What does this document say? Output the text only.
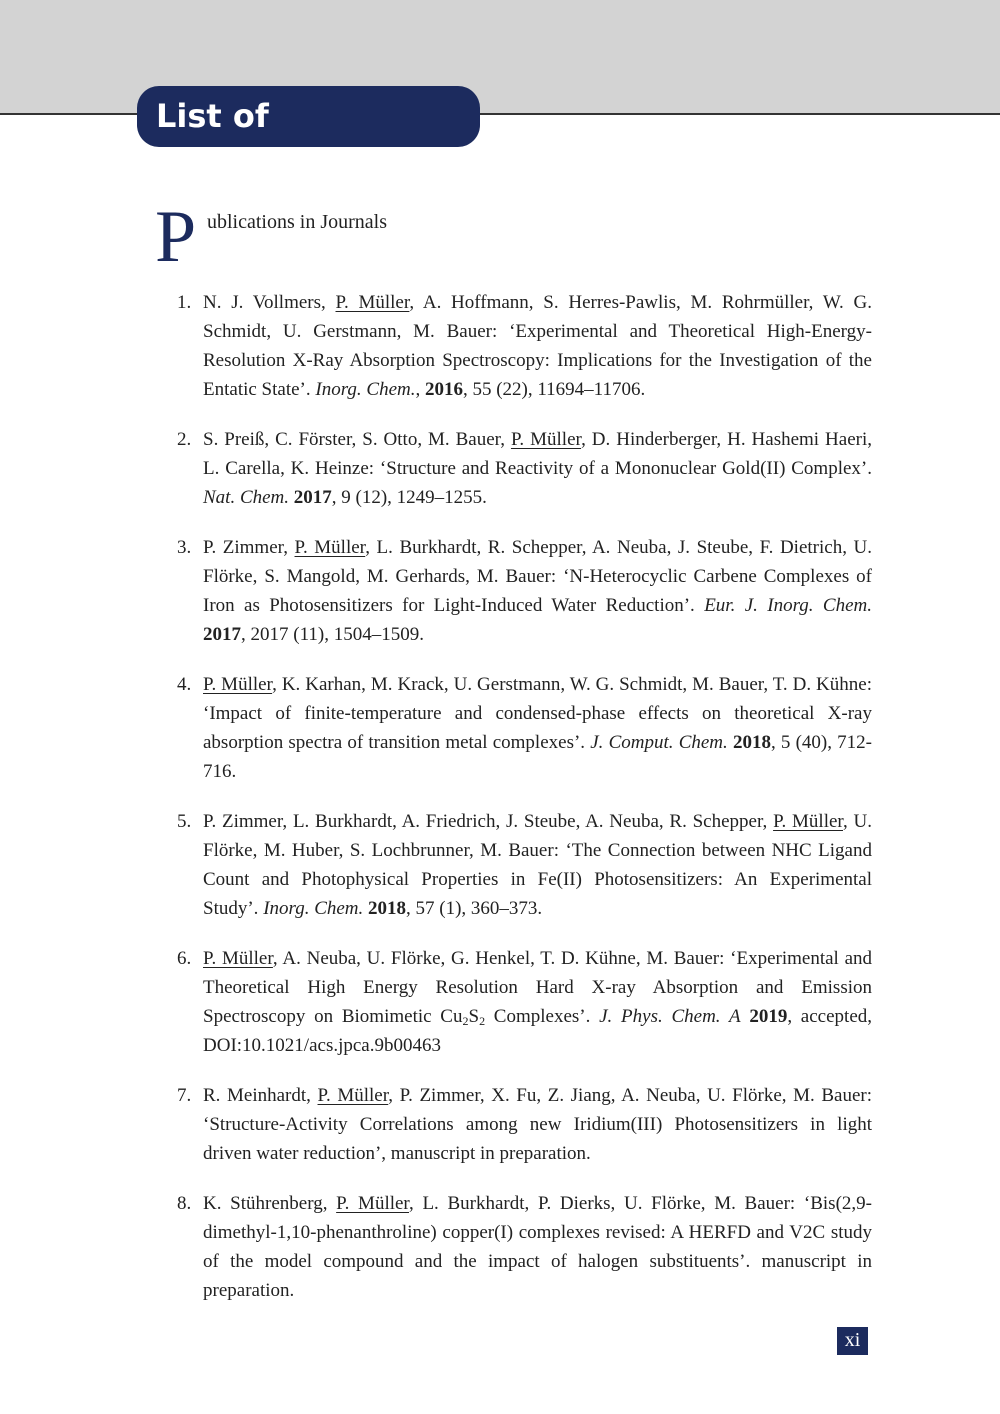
List of Publications
P ublications in Journals
1. N. J. Vollmers, P. Müller, A. Hoffmann, S. Herres-Pawlis, M. Rohrmüller, W. G. Schmidt, U. Gerstmann, M. Bauer: ‘Experimental and Theoretical High-Energy-Resolution X-Ray Absorption Spectroscopy: Implications for the Investigation of the Entatic State’. Inorg. Chem., 2016, 55 (22), 11694–11706.
2. S. Preiß, C. Förster, S. Otto, M. Bauer, P. Müller, D. Hinderberger, H. Hashemi Haeri, L. Carella, K. Heinze: ‘Structure and Reactivity of a Mononuclear Gold(II) Complex’. Nat. Chem. 2017, 9 (12), 1249–1255.
3. P. Zimmer, P. Müller, L. Burkhardt, R. Schepper, A. Neuba, J. Steube, F. Dietrich, U. Flörke, S. Mangold, M. Gerhards, M. Bauer: ‘N-Heterocyclic Carbene Complexes of Iron as Photosensitizers for Light-Induced Water Reduction’. Eur. J. Inorg. Chem. 2017, 2017 (11), 1504–1509.
4. P. Müller, K. Karhan, M. Krack, U. Gerstmann, W. G. Schmidt, M. Bauer, T. D. Kühne: ‘Impact of finite-temperature and condensed-phase effects on theoretical X-ray absorption spectra of transition metal complexes’. J. Comput. Chem. 2018, 5 (40), 712-716.
5. P. Zimmer, L. Burkhardt, A. Friedrich, J. Steube, A. Neuba, R. Schepper, P. Müller, U. Flörke, M. Huber, S. Lochbrunner, M. Bauer: ‘The Connection between NHC Ligand Count and Photophysical Properties in Fe(II) Photosensitizers: An Experimental Study’. Inorg. Chem. 2018, 57 (1), 360–373.
6. P. Müller, A. Neuba, U. Flörke, G. Henkel, T. D. Kühne, M. Bauer: ‘Experimental and Theoretical High Energy Resolution Hard X-ray Absorption and Emission Spectroscopy on Biomimetic $Cu_2S_2$ Complexes’. J. Phys. Chem. A 2019, accepted, DOI:10.1021/acs.jpca.9b00463
7. R. Meinhardt, P. Müller, P. Zimmer, X. Fu, Z. Jiang, A. Neuba, U. Flörke, M. Bauer: ‘Structure-Activity Correlations among new Iridium(III) Photosensitizers in light driven water reduction’, manuscript in preparation.
8. K. Stührenberg, P. Müller, L. Burkhardt, P. Dierks, U. Flörke, M. Bauer: ‘Bis(2,9-dimethyl-1,10-phenanthroline) copper(I) complexes revised: A HERFD and V2C study of the model compound and the impact of halogen substituents’. manuscript in preparation.
xi
